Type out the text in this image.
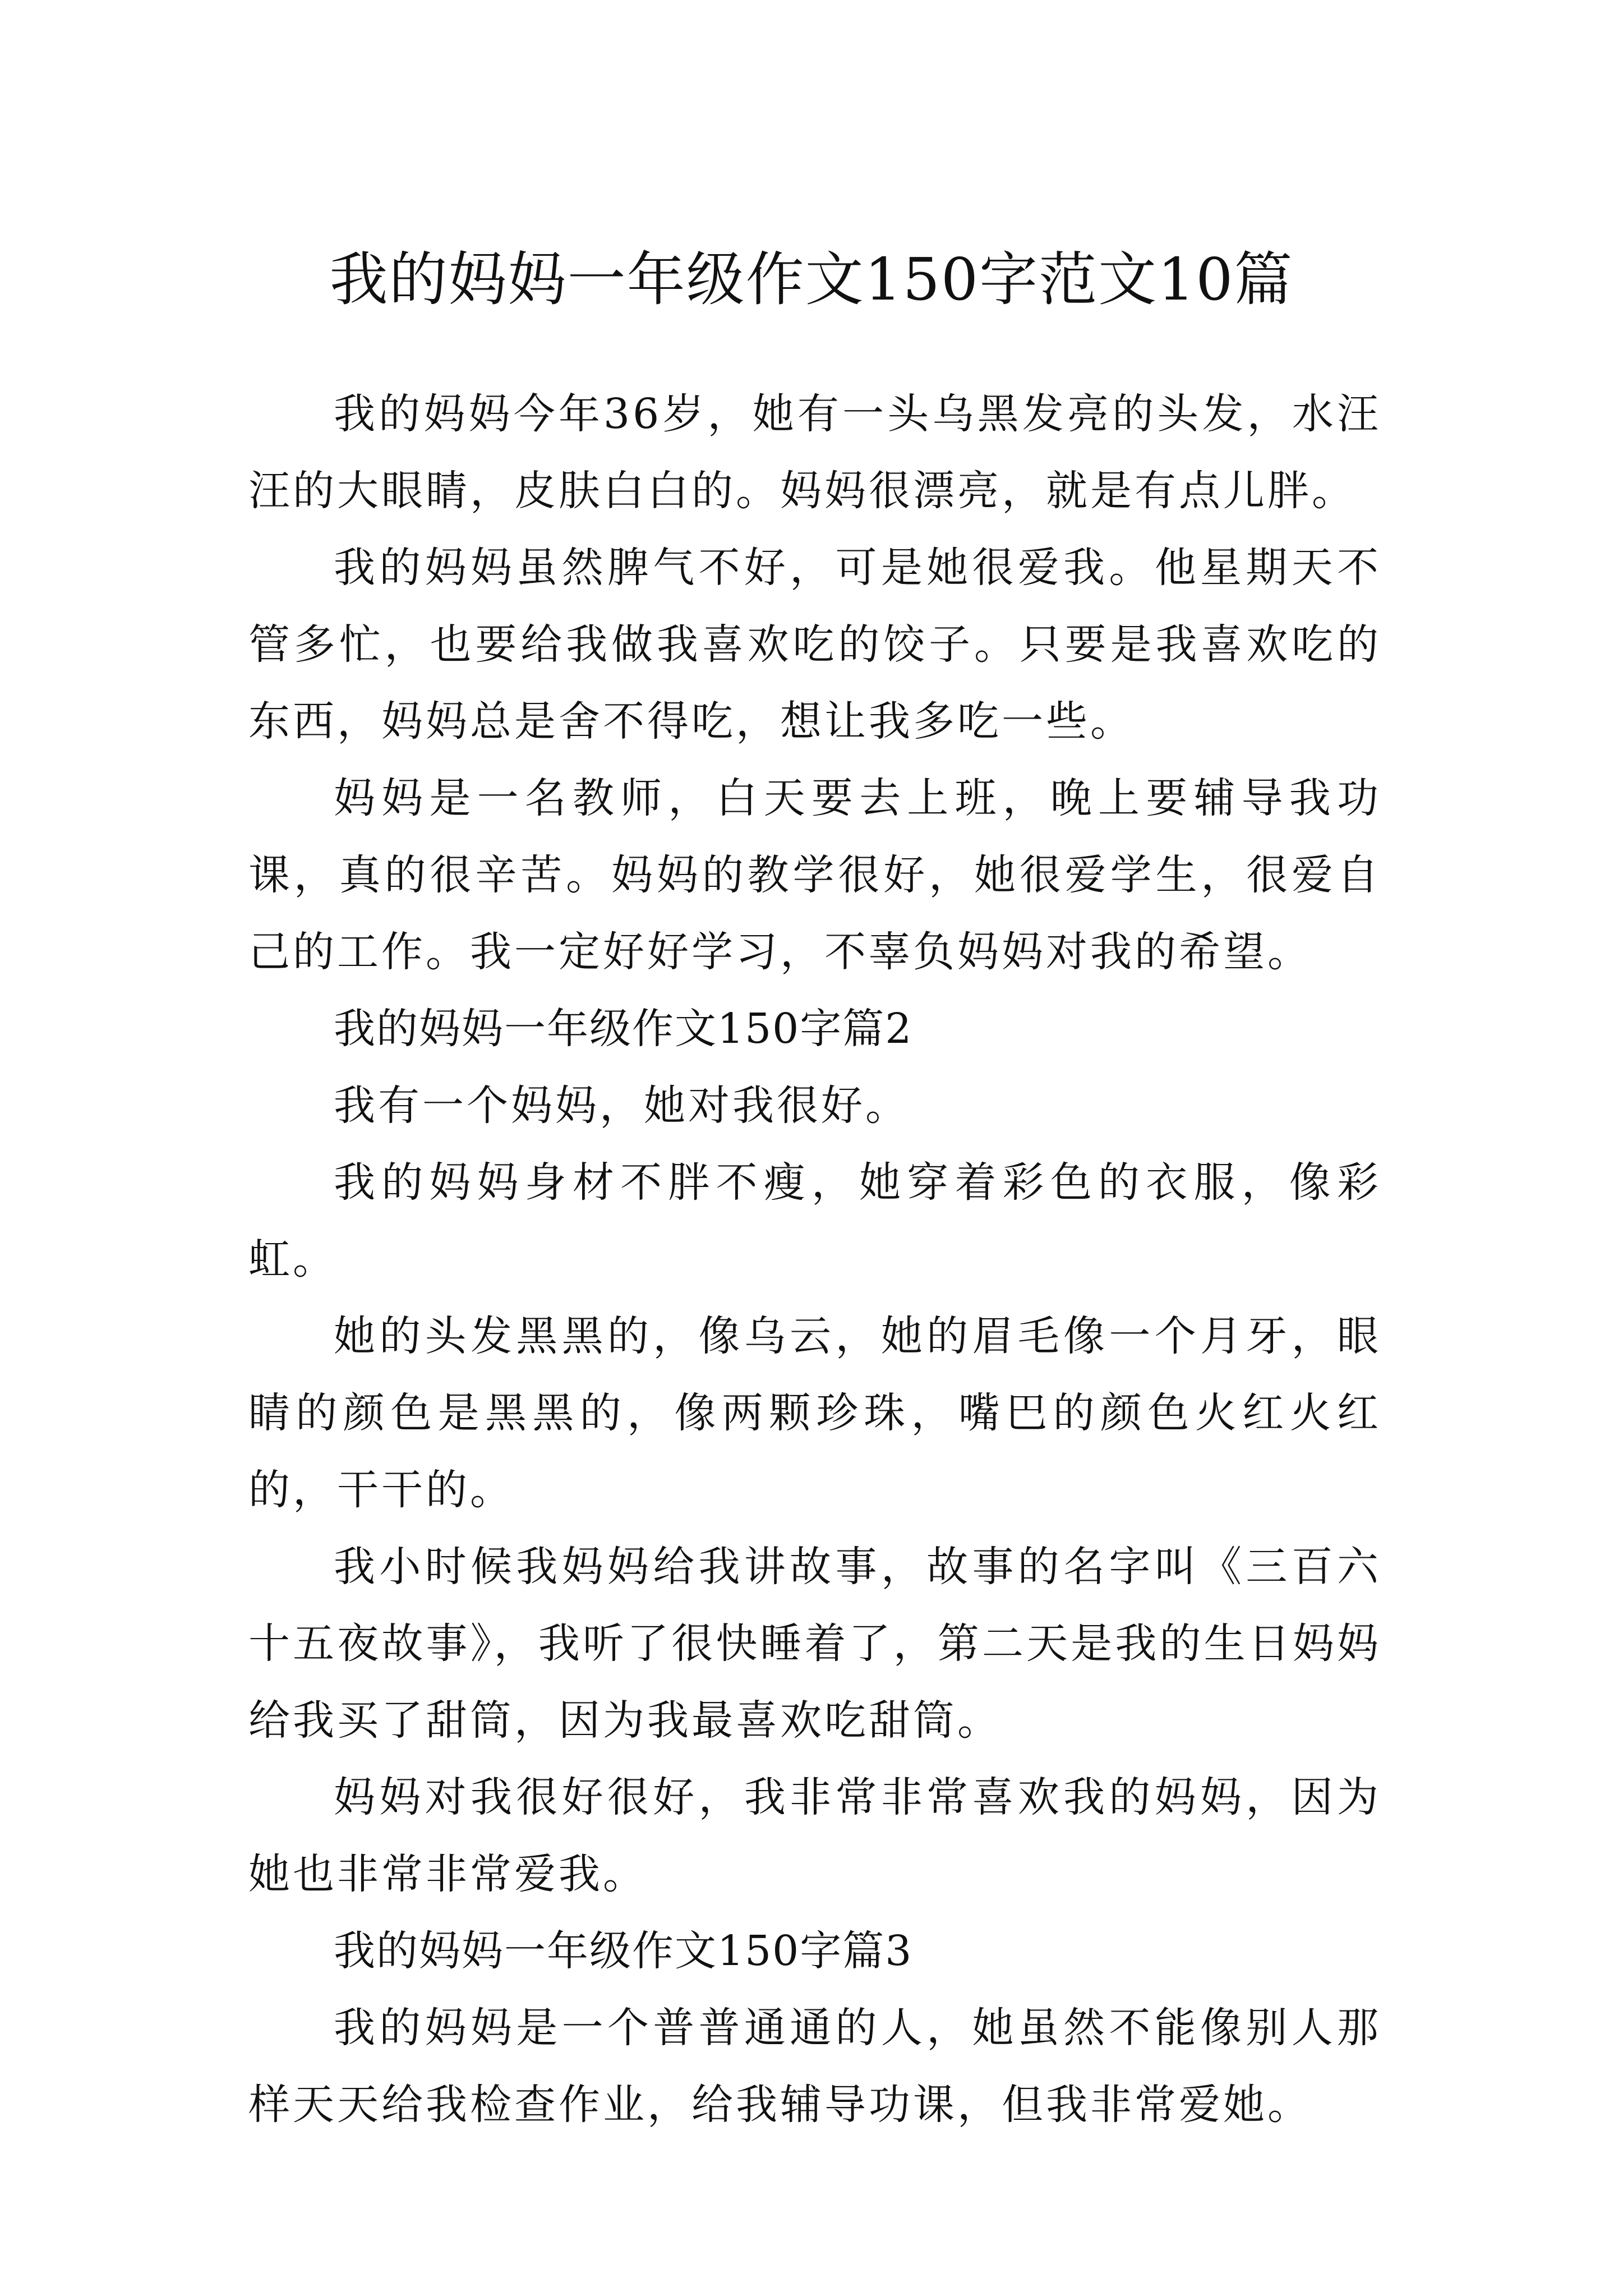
我的妈妈一年级作文150字范文10篇

我的妈妈今年36岁，她有一头乌黑发亮的头发，水汪汪的大眼睛，皮肤白白的。妈妈很漂亮，就是有点儿胖。

我的妈妈虽然脾气不好，可是她很爱我。他星期天不管多忙，也要给我做我喜欢吃的饺子。只要是我喜欢吃的东西，妈妈总是舍不得吃，想让我多吃一些。

妈妈是一名教师，白天要去上班，晚上要辅导我功课，真的很辛苦。妈妈的教学很好，她很爱学生，很爱自己的工作。我一定好好学习，不辜负妈妈对我的希望。

我的妈妈一年级作文150字篇2

我有一个妈妈，她对我很好。

我的妈妈身材不胖不瘦，她穿着彩色的衣服，像彩虹。

她的头发黑黑的，像乌云，她的眉毛像一个月牙，眼睛的颜色是黑黑的，像两颗珍珠，嘴巴的颜色火红火红的，干干的。

我小时候我妈妈给我讲故事，故事的名字叫《三百六十五夜故事》，我听了很快睡着了，第二天是我的生日妈妈给我买了甜筒，因为我最喜欢吃甜筒。

妈妈对我很好很好，我非常非常喜欢我的妈妈，因为她也非常非常爱我。

我的妈妈一年级作文150字篇3

我的妈妈是一个普普通通的人，她虽然不能像别人那样天天给我检查作业，给我辅导功课，但我非常爱她。
